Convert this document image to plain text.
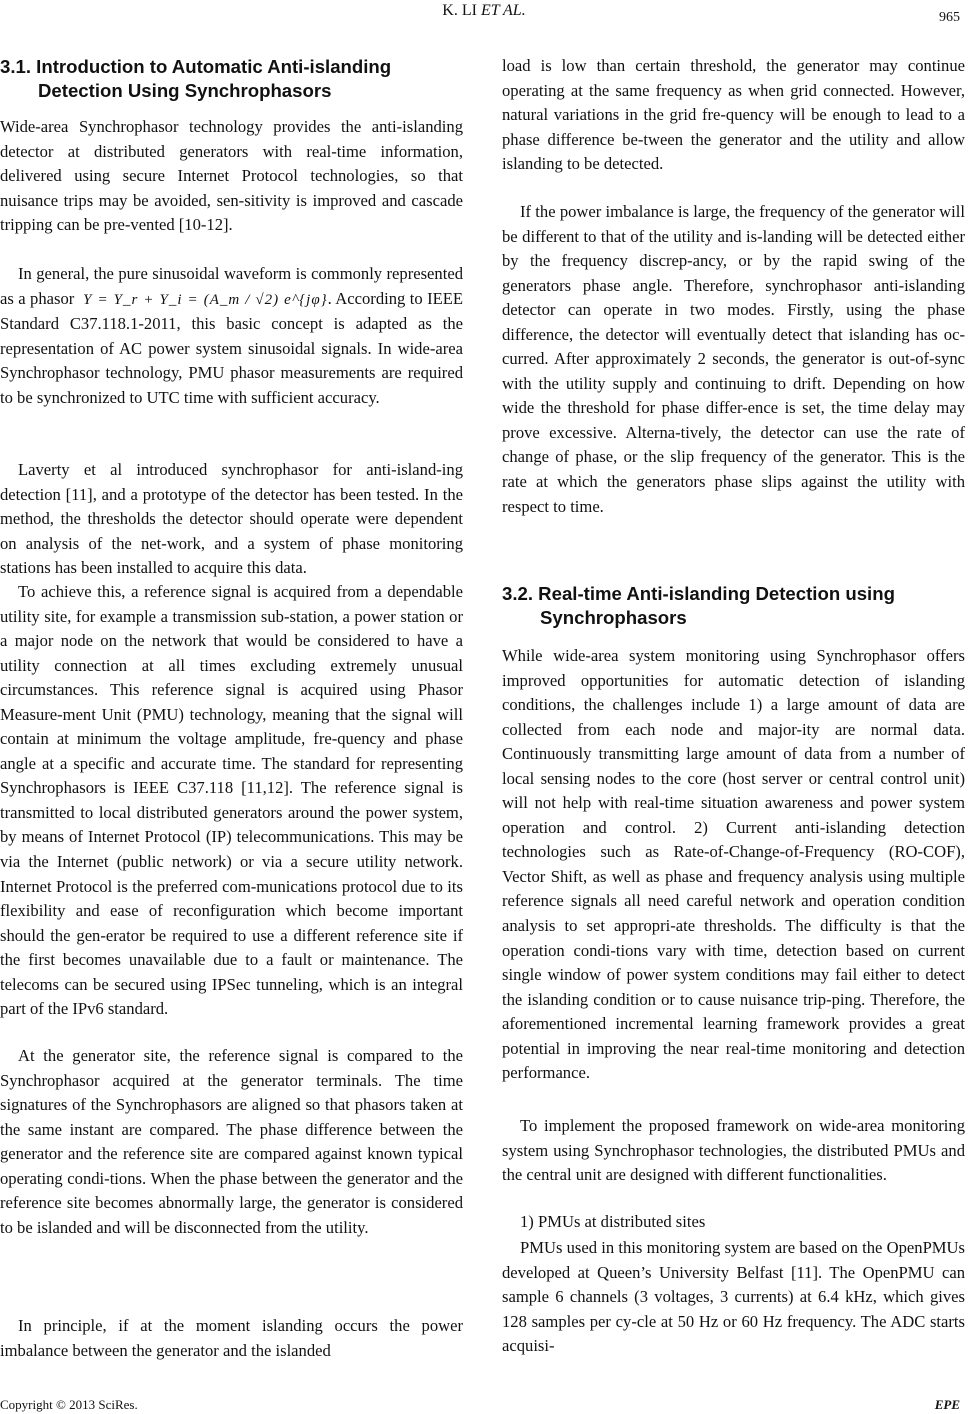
K. LI ET AL.	965
3.1. Introduction to Automatic Anti-islanding
Detection Using Synchrophasors

Wide-area Synchrophasor technology provides the anti-islanding detector at distributed generators with real-time information, delivered using secure Internet Protocol technologies, so that nuisance trips may be avoided, sen-sitivity is improved and cascade tripping can be pre-vented [10-12].

In general, the pure sinusoidal waveform is commonly represented as a phasor Y = Y_r + Y_i = (A_m / √2) e^{jφ}. According to IEEE Standard C37.118.1-2011, this basic concept is adapted as the representation of AC power system sinusoidal signals. In wide-area Synchrophasor technology, PMU phasor measurements are required to be synchronized to UTC time with sufficient accuracy.

Laverty et al introduced synchrophasor for anti-island-ing detection [11], and a prototype of the detector has been tested. In the method, the thresholds the detector should operate were dependent on analysis of the net-work, and a system of phase monitoring stations has been installed to acquire this data.

To achieve this, a reference signal is acquired from a dependable utility site, for example a transmission sub-station, a power station or a major node on the network that would be considered to have a utility connection at all times excluding extremely unusual circumstances. This reference signal is acquired using Phasor Measure-ment Unit (PMU) technology, meaning that the signal will contain at minimum the voltage amplitude, fre-quency and phase angle at a specific and accurate time. The standard for representing Synchrophasors is IEEE C37.118 [11,12]. The reference signal is transmitted to local distributed generators around the power system, by means of Internet Protocol (IP) telecommunications. This may be via the Internet (public network) or via a secure utility network. Internet Protocol is the preferred com-munications protocol due to its flexibility and ease of reconfiguration which become important should the gen-erator be required to use a different reference site if the first becomes unavailable due to a fault or maintenance. The telecoms can be secured using IPSec tunneling, which is an integral part of the IPv6 standard.

At the generator site, the reference signal is compared to the Synchrophasor acquired at the generator terminals. The time signatures of the Synchrophasors are aligned so that phasors taken at the same instant are compared. The phase difference between the generator and the reference site are compared against known typical operating condi-tions. When the phase between the generator and the reference site becomes abnormally large, the generator is considered to be islanded and will be disconnected from the utility.

In principle, if at the moment islanding occurs the power imbalance between the generator and the islanded

load is low than certain threshold, the generator may continue operating at the same frequency as when grid connected. However, natural variations in the grid fre-quency will be enough to lead to a phase difference be-tween the generator and the utility and allow islanding to be detected.

If the power imbalance is large, the frequency of the generator will be different to that of the utility and is-landing will be detected either by the frequency discrep-ancy, or by the rapid swing of the generators phase angle. Therefore, synchrophasor anti-islanding detector can operate in two modes. Firstly, using the phase difference, the detector will eventually detect that islanding has oc-curred. After approximately 2 seconds, the generator is out-of-sync with the utility supply and continuing to drift. Depending on how wide the threshold for phase differ-ence is set, the time delay may prove excessive. Alterna-tively, the detector can use the rate of change of phase, or the slip frequency of the generator. This is the rate at which the generators phase slips against the utility with respect to time.

3.2. Real-time Anti-islanding Detection using
Synchrophasors

While wide-area system monitoring using Synchrophasor offers improved opportunities for automatic detection of islanding conditions, the challenges include 1) a large amount of data are collected from each node and major-ity are normal data. Continuously transmitting large amount of data from a number of local sensing nodes to the core (host server or central control unit) will not help with real-time situation awareness and power system operation and control. 2) Current anti-islanding detection technologies such as Rate-of-Change-of-Frequency (RO-COF), Vector Shift, as well as phase and frequency analysis using multiple reference signals all need careful network and operation condition analysis to set appropri-ate thresholds. The difficulty is that the operation condi-tions vary with time, detection based on current single window of power system conditions may fail either to detect the islanding condition or to cause nuisance trip-ping. Therefore, the aforementioned incremental learning framework provides a great potential in improving the near real-time monitoring and detection performance.

To implement the proposed framework on wide-area monitoring system using Synchrophasor technologies, the distributed PMUs and the central unit are designed with different functionalities.

1) PMUs at distributed sites

PMUs used in this monitoring system are based on the OpenPMUs developed at Queen’s University Belfast [11]. The OpenPMU can sample 6 channels (3 voltages, 3 currents) at 6.4 kHz, which gives 128 samples per cy-cle at 50 Hz or 60 Hz frequency. The ADC starts acquisi-

Copyright © 2013 SciRes.	EPE
